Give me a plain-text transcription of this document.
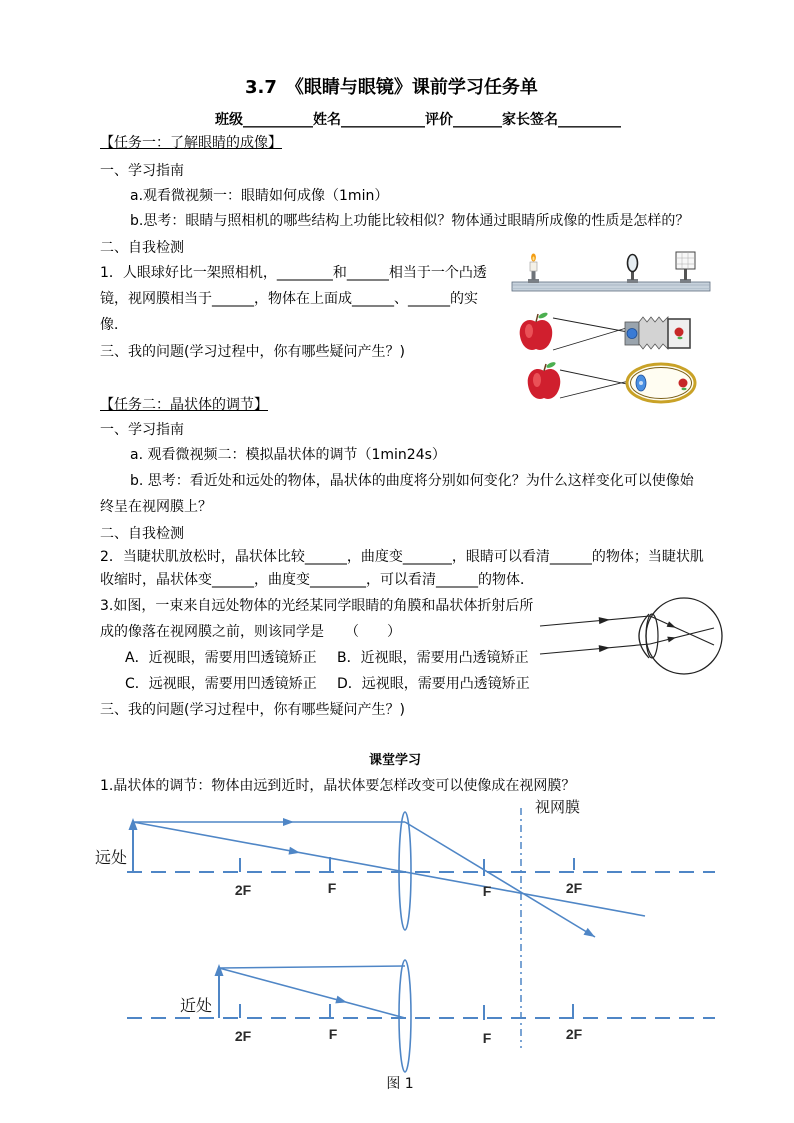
3.7　《眼睛与眼镜》课前学习任务单
班级__________姓名____________评价_______家长签名_________
【任务一：了解眼睛的成像】
一、学习指南
a.观看微视频一：眼睛如何成像（1min）
b.思考：眼睛与照相机的哪些结构上功能比较相似？物体通过眼睛所成像的性质是怎样的？
二、自我检测
1．人眼球好比一架照相机，________和______相当于一个凸透
镜，视网膜相当于______，物体在上面成______、______的实
像．
三、我的问题(学习过程中，你有哪些疑问产生？)
【任务二：晶状体的调节】
一、学习指南
a. 观看微视频二：模拟晶状体的调节（1min24s）
b. 思考：看近处和远处的物体，晶状体的曲度将分别如何变化？为什么这样变化可以使像始
终呈在视网膜上？
二、自我检测
2．当睫状肌放松时，晶状体比较______，曲度变_______，眼睛可以看清______的物体；当睫状肌
收缩时，晶状体变______，曲度变________，可以看清______的物体．
3.如图，一束来自远处物体的光经某同学眼睛的角膜和晶状体折射后所
成的像落在视网膜之前，则该同学是　　（　　）
A．近视眼，需要用凹透镜矫正 B．近视眼，需要用凸透镜矫正
C．远视眼，需要用凹透镜矫正 D．远视眼，需要用凸透镜矫正
三、我的问题(学习过程中，你有哪些疑问产生？)
课堂学习
1.晶状体的调节：物体由远到近时，晶状体要怎样改变可以使像成在视网膜？
视网膜
远处
2F	F	F	2F
近处
2F	F	F	2F
图 1
